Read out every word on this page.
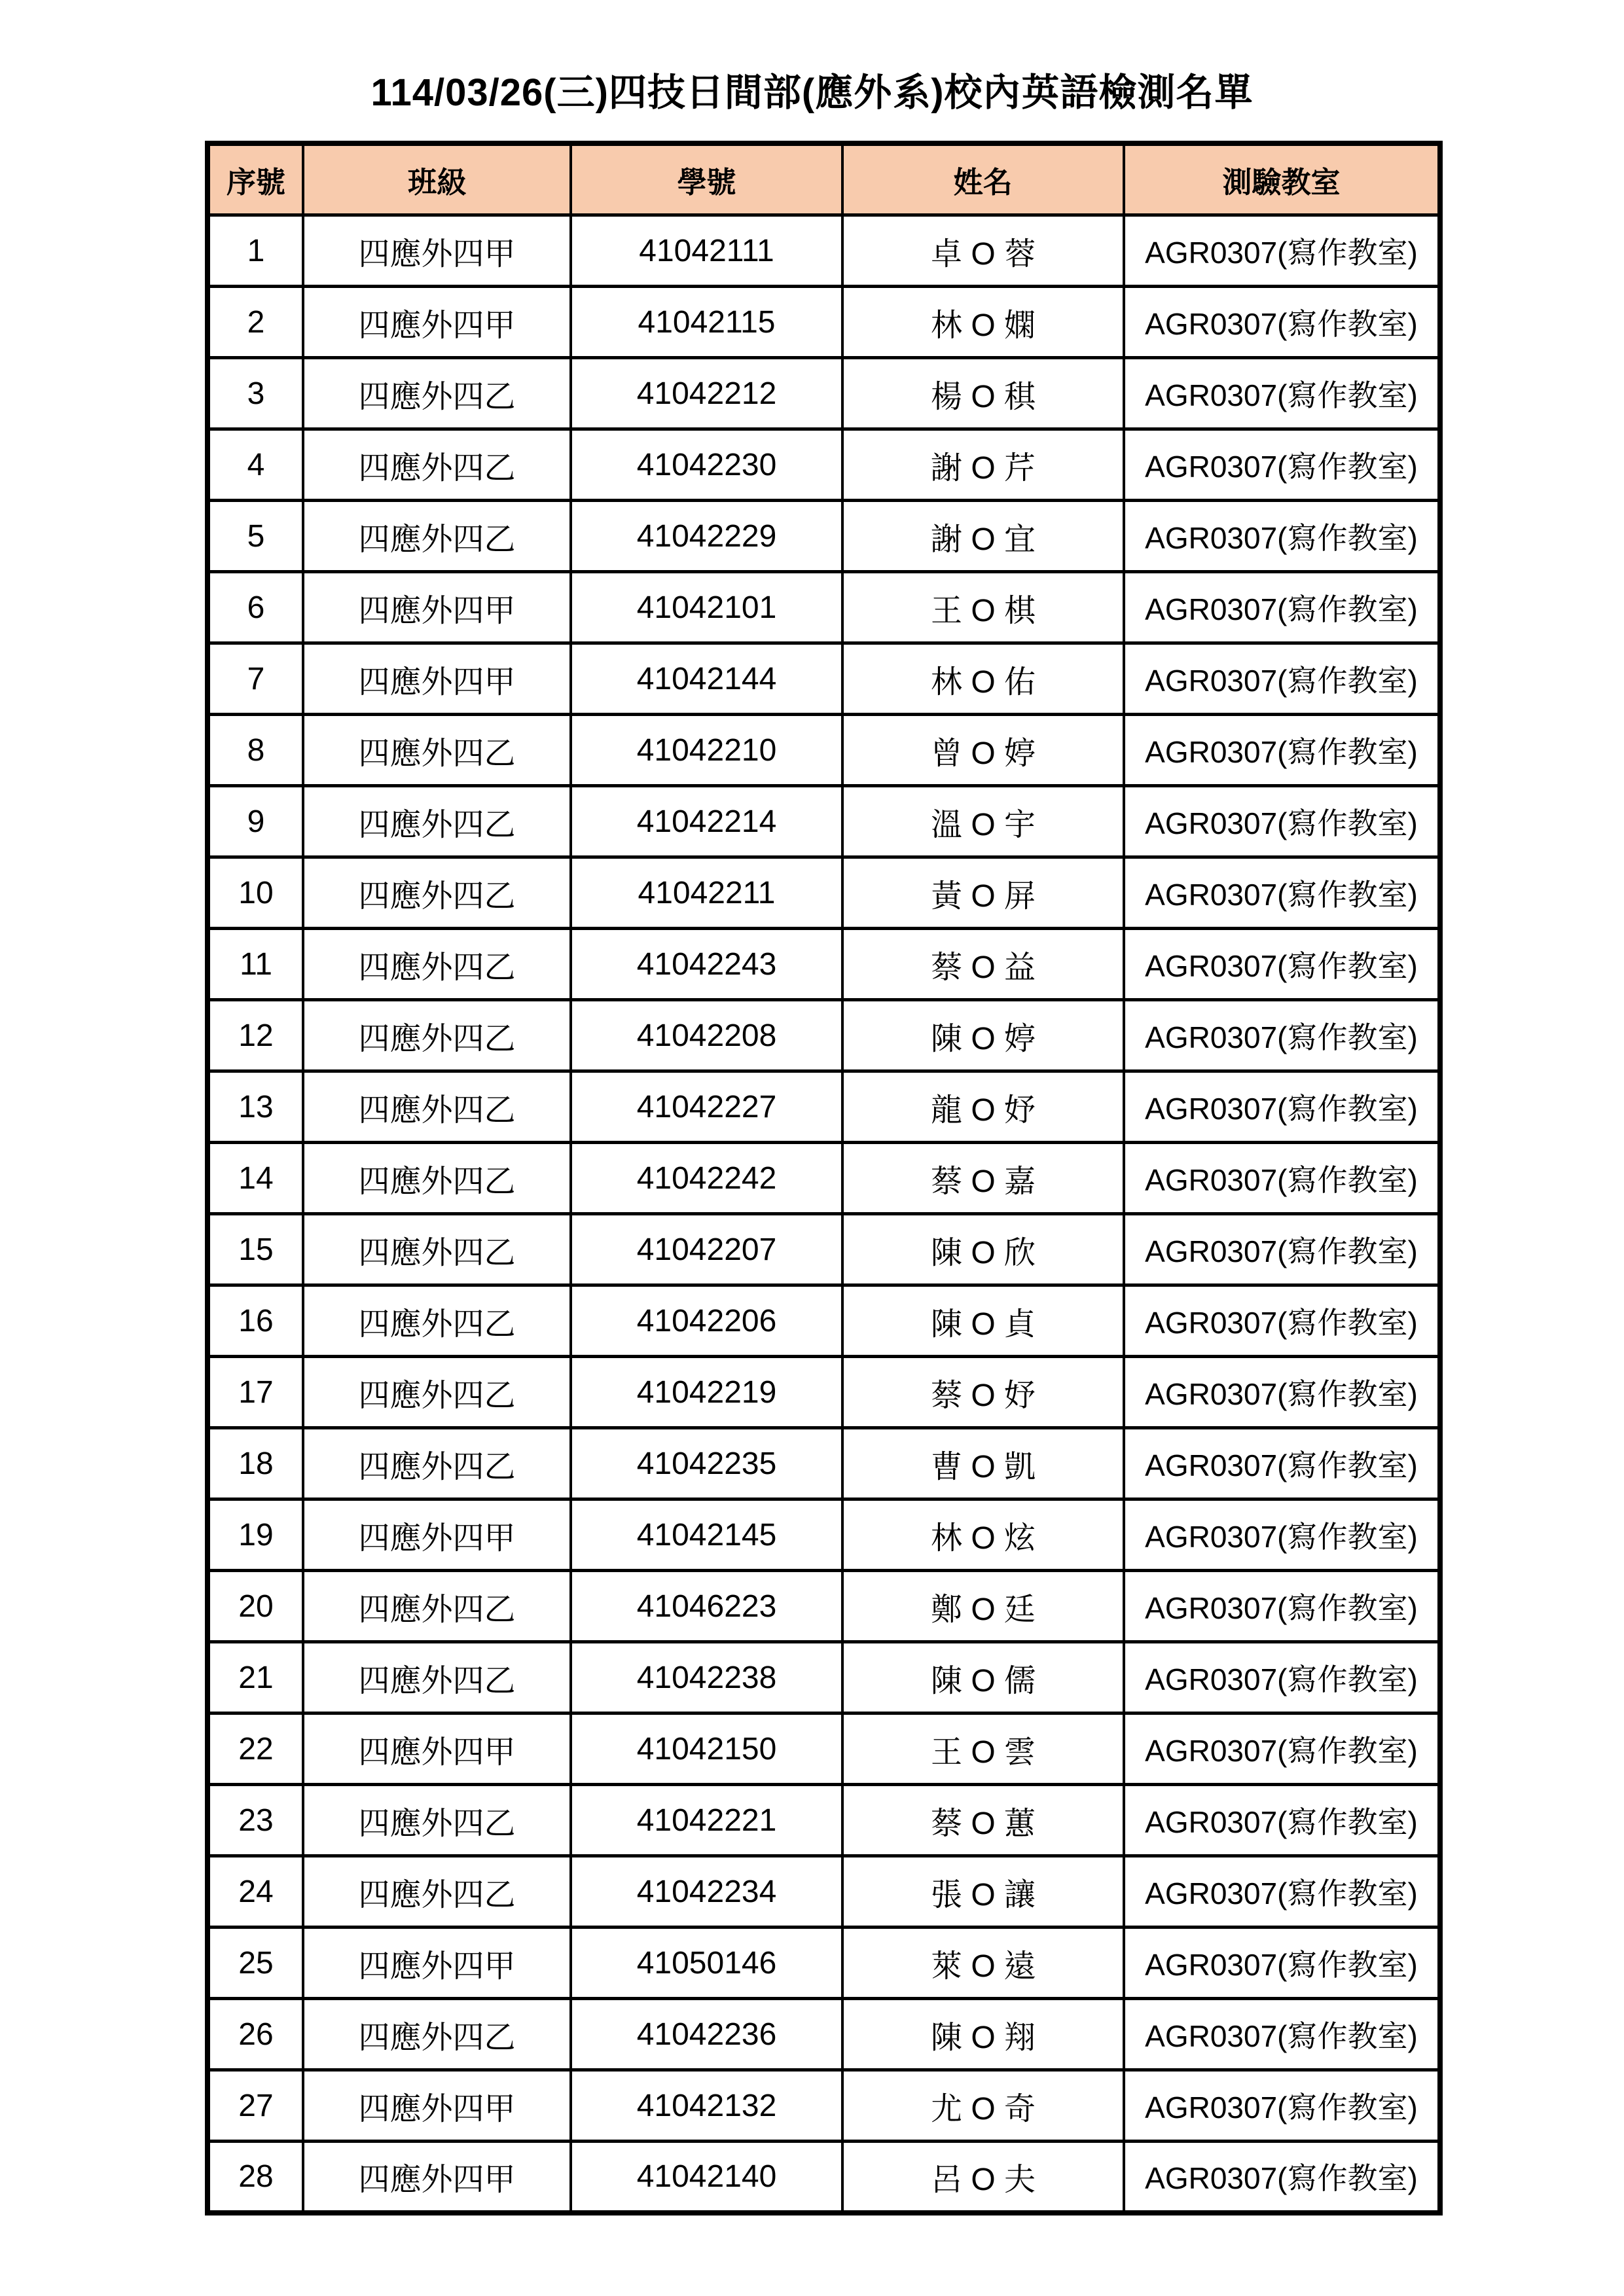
114/03/26(三)四技日間部(應外系)校內英語檢測名單
序號	班級	學號	姓名	測驗教室
1	四應外四甲	41042111	卓 O 蓉	AGR0307(寫作教室)
2	四應外四甲	41042115	林 O 嫻	AGR0307(寫作教室)
3	四應外四乙	41042212	楊 O 稘	AGR0307(寫作教室)
4	四應外四乙	41042230	謝 O 芹	AGR0307(寫作教室)
5	四應外四乙	41042229	謝 O 宜	AGR0307(寫作教室)
6	四應外四甲	41042101	王 O 棋	AGR0307(寫作教室)
7	四應外四甲	41042144	林 O 佑	AGR0307(寫作教室)
8	四應外四乙	41042210	曾 O 婷	AGR0307(寫作教室)
9	四應外四乙	41042214	溫 O 宇	AGR0307(寫作教室)
10	四應外四乙	41042211	黃 O 屏	AGR0307(寫作教室)
11	四應外四乙	41042243	蔡 O 益	AGR0307(寫作教室)
12	四應外四乙	41042208	陳 O 婷	AGR0307(寫作教室)
13	四應外四乙	41042227	龍 O 妤	AGR0307(寫作教室)
14	四應外四乙	41042242	蔡 O 嘉	AGR0307(寫作教室)
15	四應外四乙	41042207	陳 O 欣	AGR0307(寫作教室)
16	四應外四乙	41042206	陳 O 貞	AGR0307(寫作教室)
17	四應外四乙	41042219	蔡 O 妤	AGR0307(寫作教室)
18	四應外四乙	41042235	曹 O 凱	AGR0307(寫作教室)
19	四應外四甲	41042145	林 O 炫	AGR0307(寫作教室)
20	四應外四乙	41046223	鄭 O 廷	AGR0307(寫作教室)
21	四應外四乙	41042238	陳 O 儒	AGR0307(寫作教室)
22	四應外四甲	41042150	王 O 雲	AGR0307(寫作教室)
23	四應外四乙	41042221	蔡 O 蕙	AGR0307(寫作教室)
24	四應外四乙	41042234	張 O 讓	AGR0307(寫作教室)
25	四應外四甲	41050146	萊 O 遠	AGR0307(寫作教室)
26	四應外四乙	41042236	陳 O 翔	AGR0307(寫作教室)
27	四應外四甲	41042132	尤 O 奇	AGR0307(寫作教室)
28	四應外四甲	41042140	呂 O 夫	AGR0307(寫作教室)
